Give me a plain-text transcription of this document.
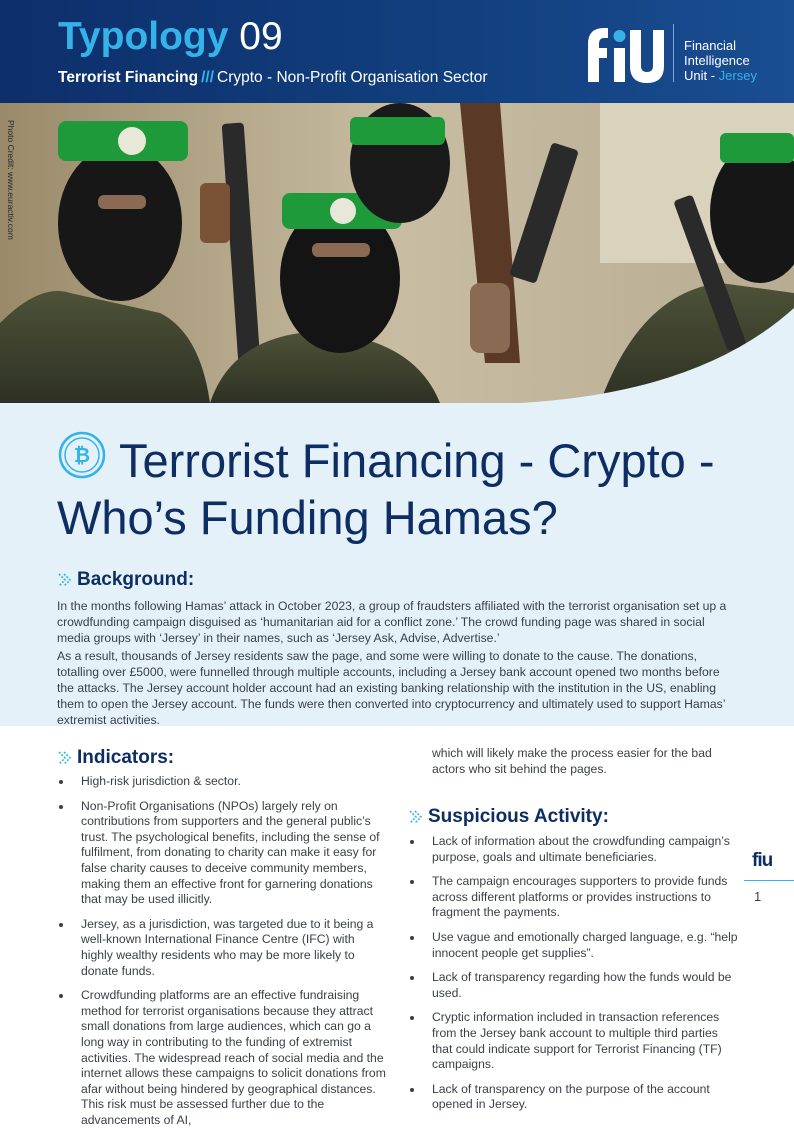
Typology 09
Terrorist Financing /// Crypto - Non-Profit Organisation Sector
Financial
Intelligence
Unit - Jersey
Photo Credit: www.euractiv.com
₿ Terrorist Financing - Crypto -
Who’s Funding Hamas?
Background:

In the months following Hamas’ attack in October 2023, a group of fraudsters affiliated with the terrorist organisation set up a crowdfunding campaign disguised as ‘humanitarian aid for a conflict zone.’ The crowd funding page was shared in social media groups with ‘Jersey’ in their names, such as ‘Jersey Ask, Advise, Advertise.’

As a result, thousands of Jersey residents saw the page, and some were willing to donate to the cause. The donations, totalling over £5000, were funnelled through multiple accounts, including a Jersey bank account opened two months before the attacks. The Jersey account holder account had an existing banking relationship with the institution in the US, enabling them to open the Jersey account. The funds were then converted into cryptocurrency and ultimately used to support Hamas’ extremist activities.

Indicators:
High-risk jurisdiction & sector.
Non-Profit Organisations (NPOs) largely rely on contributions from supporters and the general public’s trust. The psychological benefits, including the sense of fulfilment, from donating to charity can make it easy for false charity causes to deceive community members, making them an effective front for garnering donations that may be used illicitly.
Jersey, as a jurisdiction, was targeted due to it being a well-known International Finance Centre (IFC) with highly wealthy residents who may be more likely to donate funds.
Crowdfunding platforms are an effective fundraising method for terrorist organisations because they attract small donations from large audiences, which can go a long way in contributing to the funding of extremist activities. The widespread reach of social media and the internet allows these campaigns to solicit donations from afar without being hindered by geographical distances. This risk must be assessed further due to the advancements of AI,
which will likely make the process easier for the bad actors who sit behind the pages.
Suspicious Activity:
Lack of information about the crowdfunding campaign’s purpose, goals and ultimate beneficiaries.
The campaign encourages supporters to provide funds across different platforms or provides instructions to fragment the payments.
Use vague and emotionally charged language, e.g. “help innocent people get supplies”.
Lack of transparency regarding how the funds would be used.
Cryptic information included in transaction references from the Jersey bank account to multiple third parties that could indicate support for Terrorist Financing (TF) campaigns.
Lack of transparency on the purpose of the account opened in Jersey.
fiu
1
